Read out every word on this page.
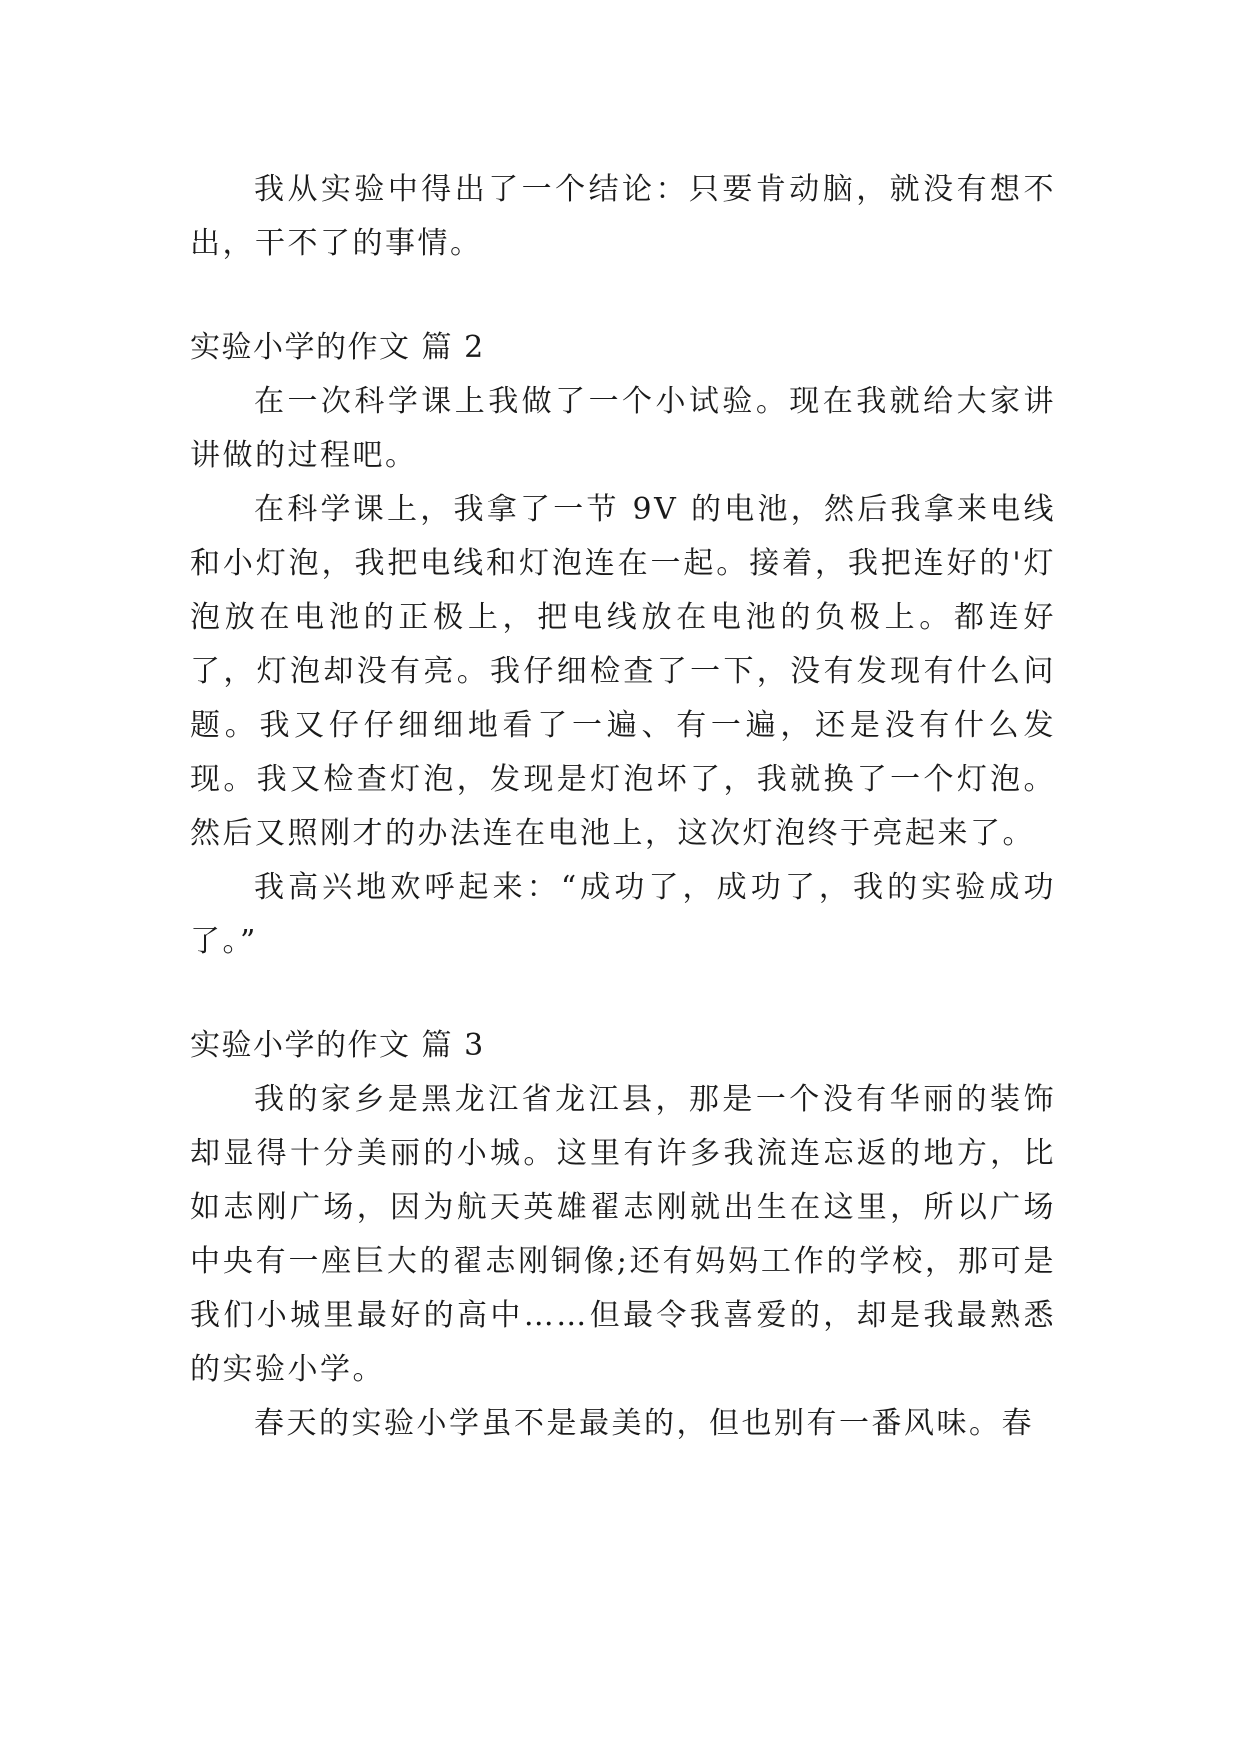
我从实验中得出了一个结论：只要肯动脑，就没有想不出，干不了的事情。

实验小学的作文 篇 2

在一次科学课上我做了一个小试验。现在我就给大家讲讲做的过程吧。

在科学课上，我拿了一节 9V 的电池，然后我拿来电线和小灯泡，我把电线和灯泡连在一起。接着，我把连好的'灯泡放在电池的正极上，把电线放在电池的负极上。都连好了，灯泡却没有亮。我仔细检查了一下，没有发现有什么问题。我又仔仔细细地看了一遍、有一遍，还是没有什么发现。我又检查灯泡，发现是灯泡坏了，我就换了一个灯泡。然后又照刚才的办法连在电池上，这次灯泡终于亮起来了。

我高兴地欢呼起来：“成功了，成功了，我的实验成功了。”

实验小学的作文 篇 3

我的家乡是黑龙江省龙江县，那是一个没有华丽的装饰却显得十分美丽的小城。这里有许多我流连忘返的地方，比如志刚广场，因为航天英雄翟志刚就出生在这里，所以广场中央有一座巨大的翟志刚铜像;还有妈妈工作的学校，那可是我们小城里最好的高中……但最令我喜爱的，却是我最熟悉的实验小学。

春天的实验小学虽不是最美的，但也别有一番风味。春
